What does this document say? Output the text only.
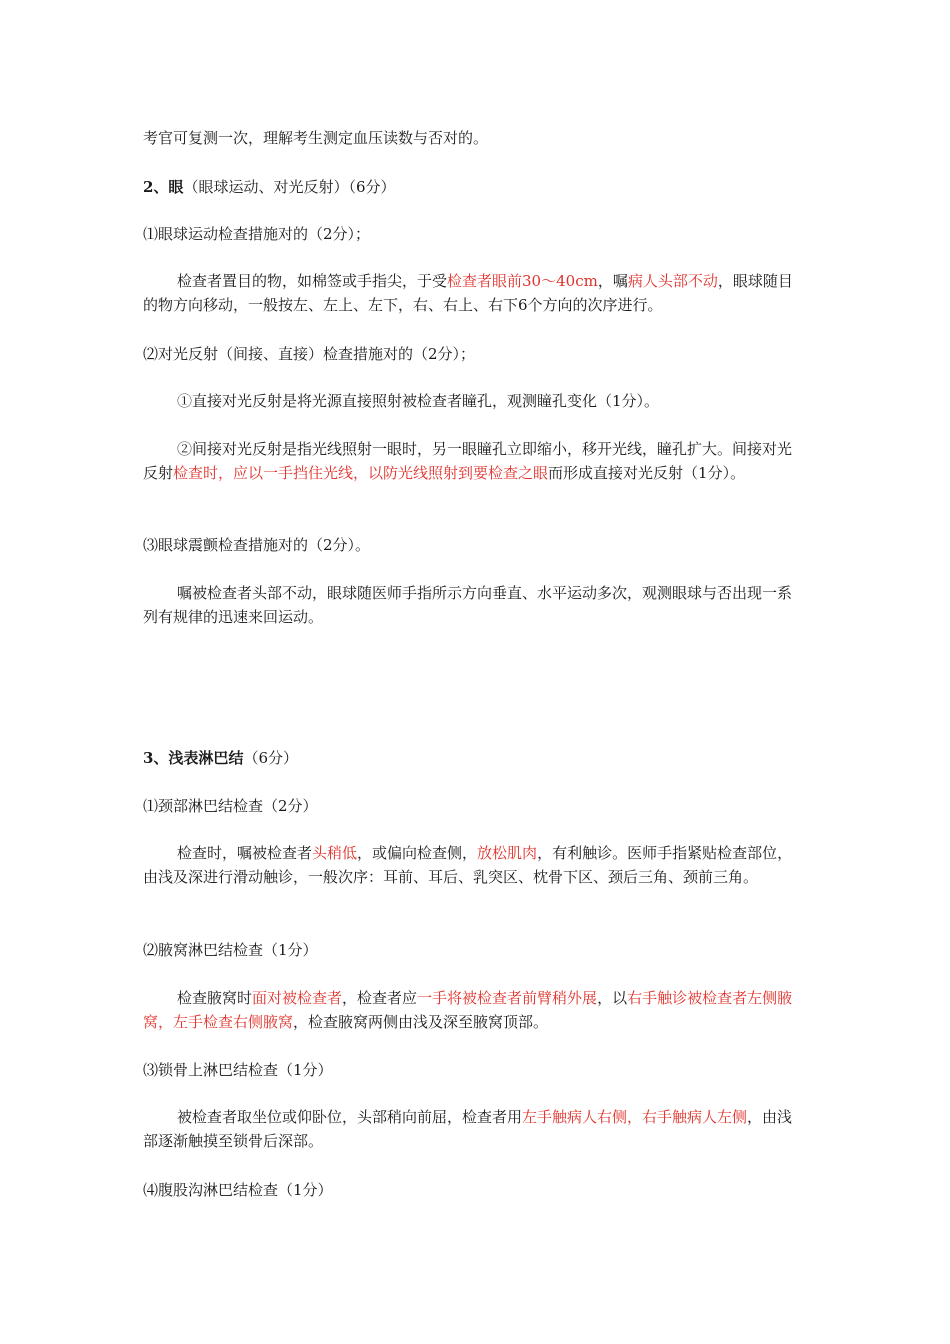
考官可复测一次，理解考生测定血压读数与否对的。
2、眼（眼球运动、对光反射）（6分）
⑴眼球运动检查措施对的（2分）；
检查者置目的物，如棉签或手指尖，于受检查者眼前30～40cm，嘱病人头部不动，眼球随目的物方向移动，一般按左、左上、左下，右、右上、右下6个方向的次序进行。
⑵对光反射（间接、直接）检查措施对的（2分）；
①直接对光反射是将光源直接照射被检查者瞳孔，观测瞳孔变化（1分）。
②间接对光反射是指光线照射一眼时，另一眼瞳孔立即缩小，移开光线，瞳孔扩大。间接对光反射检查时，应以一手挡住光线，以防光线照射到要检查之眼而形成直接对光反射（1分）。
⑶眼球震颤检查措施对的（2分）。
嘱被检查者头部不动，眼球随医师手指所示方向垂直、水平运动多次，观测眼球与否出现一系列有规律的迅速来回运动。
3、浅表淋巴结（6分）
⑴颈部淋巴结检查（2分）
检查时，嘱被检查者头稍低，或偏向检查侧，放松肌肉，有利触诊。医师手指紧贴检查部位，由浅及深进行滑动触诊，一般次序：耳前、耳后、乳突区、枕骨下区、颈后三角、颈前三角。
⑵腋窝淋巴结检查（1分）
检查腋窝时面对被检查者，检查者应一手将被检查者前臂稍外展，以右手触诊被检查者左侧腋窝，左手检查右侧腋窝，检查腋窝两侧由浅及深至腋窝顶部。
⑶锁骨上淋巴结检查（1分）
被检查者取坐位或仰卧位，头部稍向前屈，检查者用左手触病人右侧，右手触病人左侧，由浅部逐渐触摸至锁骨后深部。
⑷腹股沟淋巴结检查（1分）
